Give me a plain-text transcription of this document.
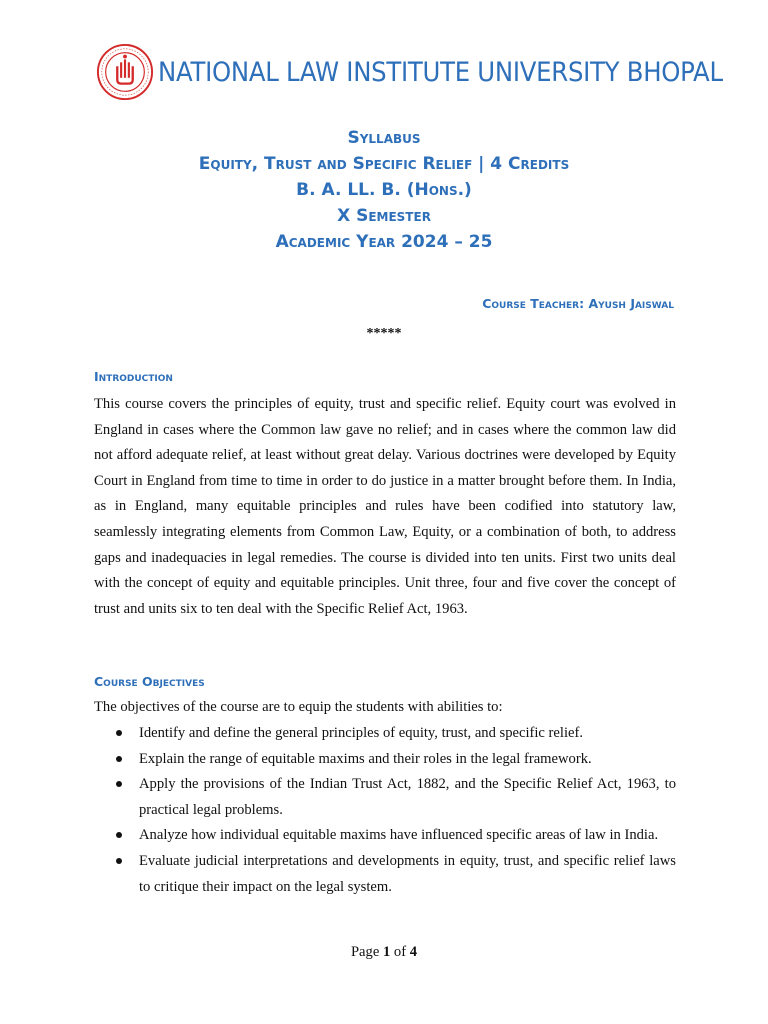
NATIONAL LAW INSTITUTE UNIVERSITY BHOPAL
Syllabus
Equity, Trust and Specific Relief | 4 Credits
B. A. LL. B. (Hons.)
X Semester
Academic Year 2024 – 25
Course Teacher: Ayush Jaiswal
*****
Introduction
This course covers the principles of equity, trust and specific relief. Equity court was evolved in England in cases where the Common law gave no relief; and in cases where the common law did not afford adequate relief, at least without great delay. Various doctrines were developed by Equity Court in England from time to time in order to do justice in a matter brought before them. In India, as in England, many equitable principles and rules have been codified into statutory law, seamlessly integrating elements from Common Law, Equity, or a combination of both, to address gaps and inadequacies in legal remedies. The course is divided into ten units. First two units deal with the concept of equity and equitable principles. Unit three, four and five cover the concept of trust and units six to ten deal with the Specific Relief Act, 1963.
Course Objectives
The objectives of the course are to equip the students with abilities to:
Identify and define the general principles of equity, trust, and specific relief.
Explain the range of equitable maxims and their roles in the legal framework.
Apply the provisions of the Indian Trust Act, 1882, and the Specific Relief Act, 1963, to practical legal problems.
Analyze how individual equitable maxims have influenced specific areas of law in India.
Evaluate judicial interpretations and developments in equity, trust, and specific relief laws to critique their impact on the legal system.
Page 1 of 4
